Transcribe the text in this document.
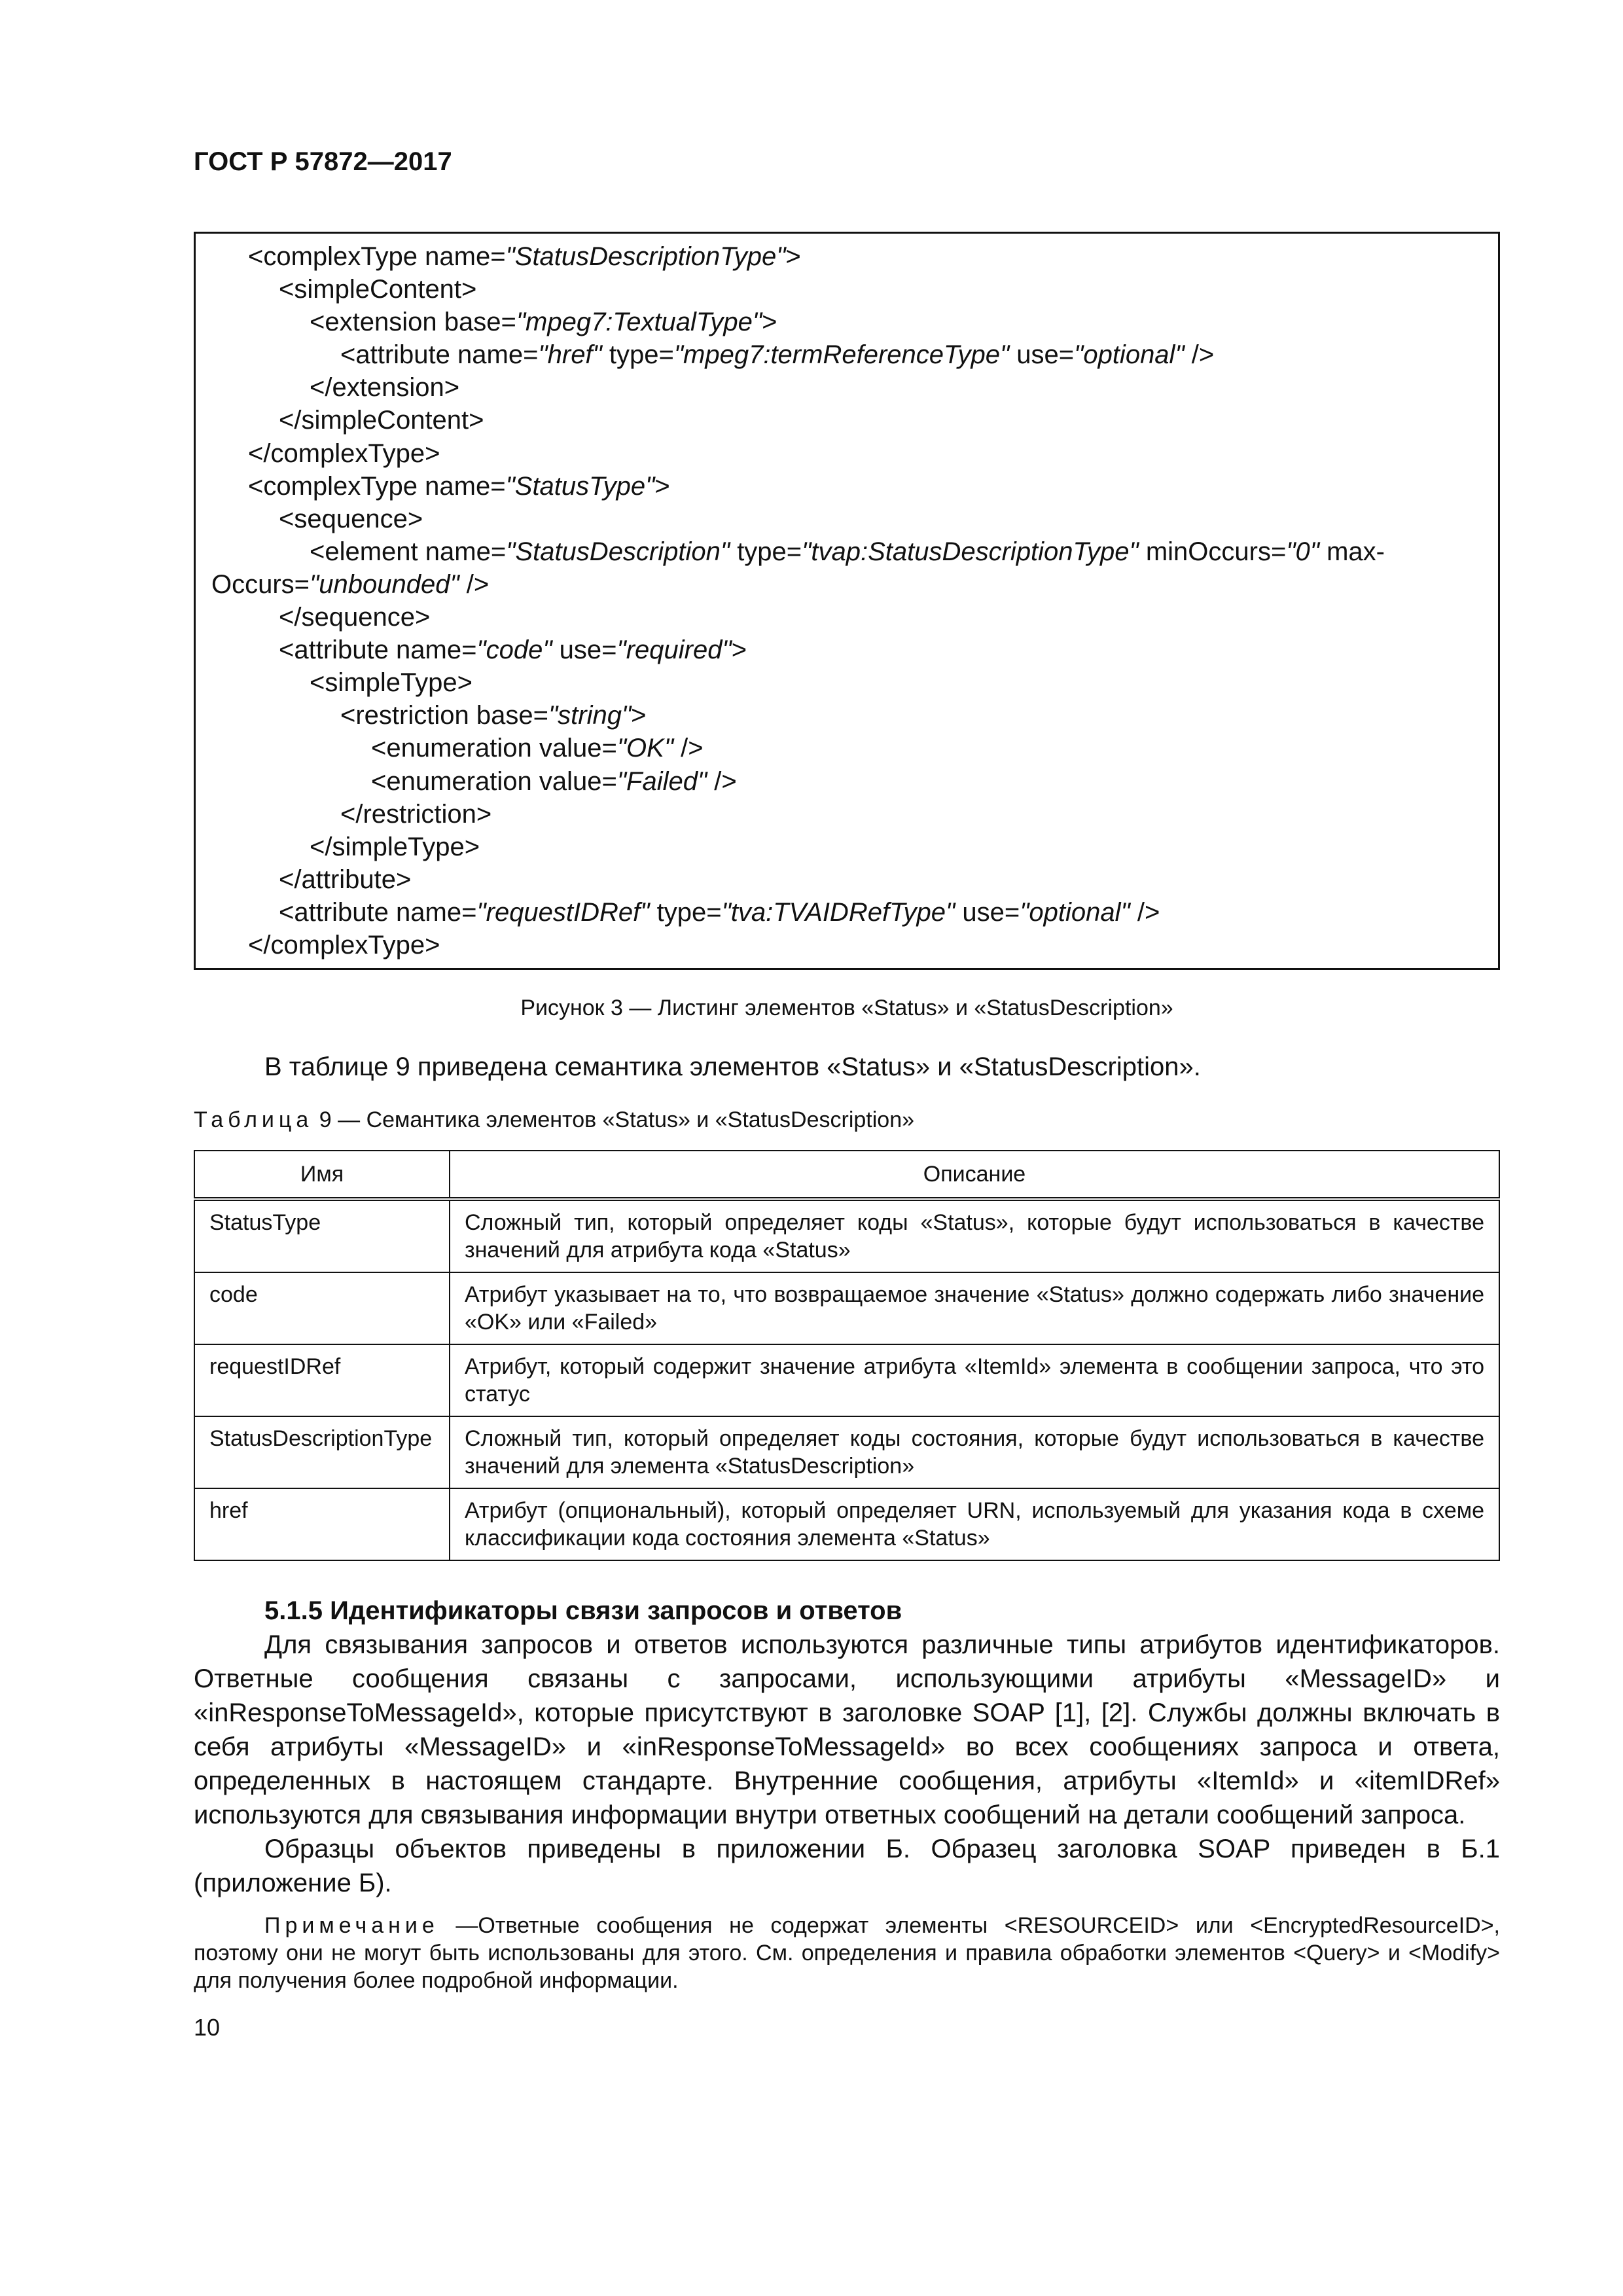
ГОСТ Р 57872—2017
<complexType name="StatusDescriptionType">
<simpleContent>
<extension base="mpeg7:TextualType">
<attribute name="href" type="mpeg7:termReferenceType" use="optional" />
</extension>
</simpleContent>
</complexType>
<complexType name="StatusType">
<sequence>
<element name="StatusDescription" type="tvap:StatusDescriptionType" minOccurs="0" max-
Occurs="unbounded" />
</sequence>
<attribute name="code" use="required">
<simpleType>
<restriction base="string">
<enumeration value="OK" />
<enumeration value="Failed" />
</restriction>
</simpleType>
</attribute>
<attribute name="requestIDRef" type="tva:TVAIDRefType" use="optional" />
</complexType>
Рисунок 3 — Листинг элементов «Status» и «StatusDescription»
В таблице 9 приведена семантика элементов «Status» и «StatusDescription».
Таблица 9 — Семантика элементов «Status» и «StatusDescription»
Имя	Описание
StatusType	Сложный тип, который определяет коды «Status», которые будут использоваться в качестве значений для атрибута кода «Status»
code	Атрибут указывает на то, что возвращаемое значение «Status» должно содержать либо значение «OK» или «Failed»
requestIDRef	Атрибут, который содержит значение атрибута «ItemId» элемента в сообщении запроса, что это статус
StatusDescriptionType	Сложный тип, который определяет коды состояния, которые будут использоваться в качестве значений для элемента «StatusDescription»
href	Атрибут (опциональный), который определяет URN, используемый для указания кода в схеме классификации кода состояния элемента «Status»
5.1.5 Идентификаторы связи запросов и ответов
Для связывания запросов и ответов используются различные типы атрибутов идентификаторов. Ответные сообщения связаны с запросами, использующими атрибуты «MessageID» и «inResponseToMessageId», которые присутствуют в заголовке SOAP [1], [2]. Службы должны включать в себя атрибуты «MessageID» и «inResponseToMessageId» во всех сообщениях запроса и ответа, определенных в настоящем стандарте. Внутренние сообщения, атрибуты «ItemId» и «itemIDRef» используются для связывания информации внутри ответных сообщений на детали сообщений запроса.
Образцы объектов приведены в приложении Б. Образец заголовка SOAP приведен в Б.1 (приложение Б).
Примечание —Ответные сообщения не содержат элементы <RESOURCEID> или <EncryptedResourceID>, поэтому они не могут быть использованы для этого. См. определения и правила обработки элементов <Query> и <Modify> для получения более подробной информации.
10
